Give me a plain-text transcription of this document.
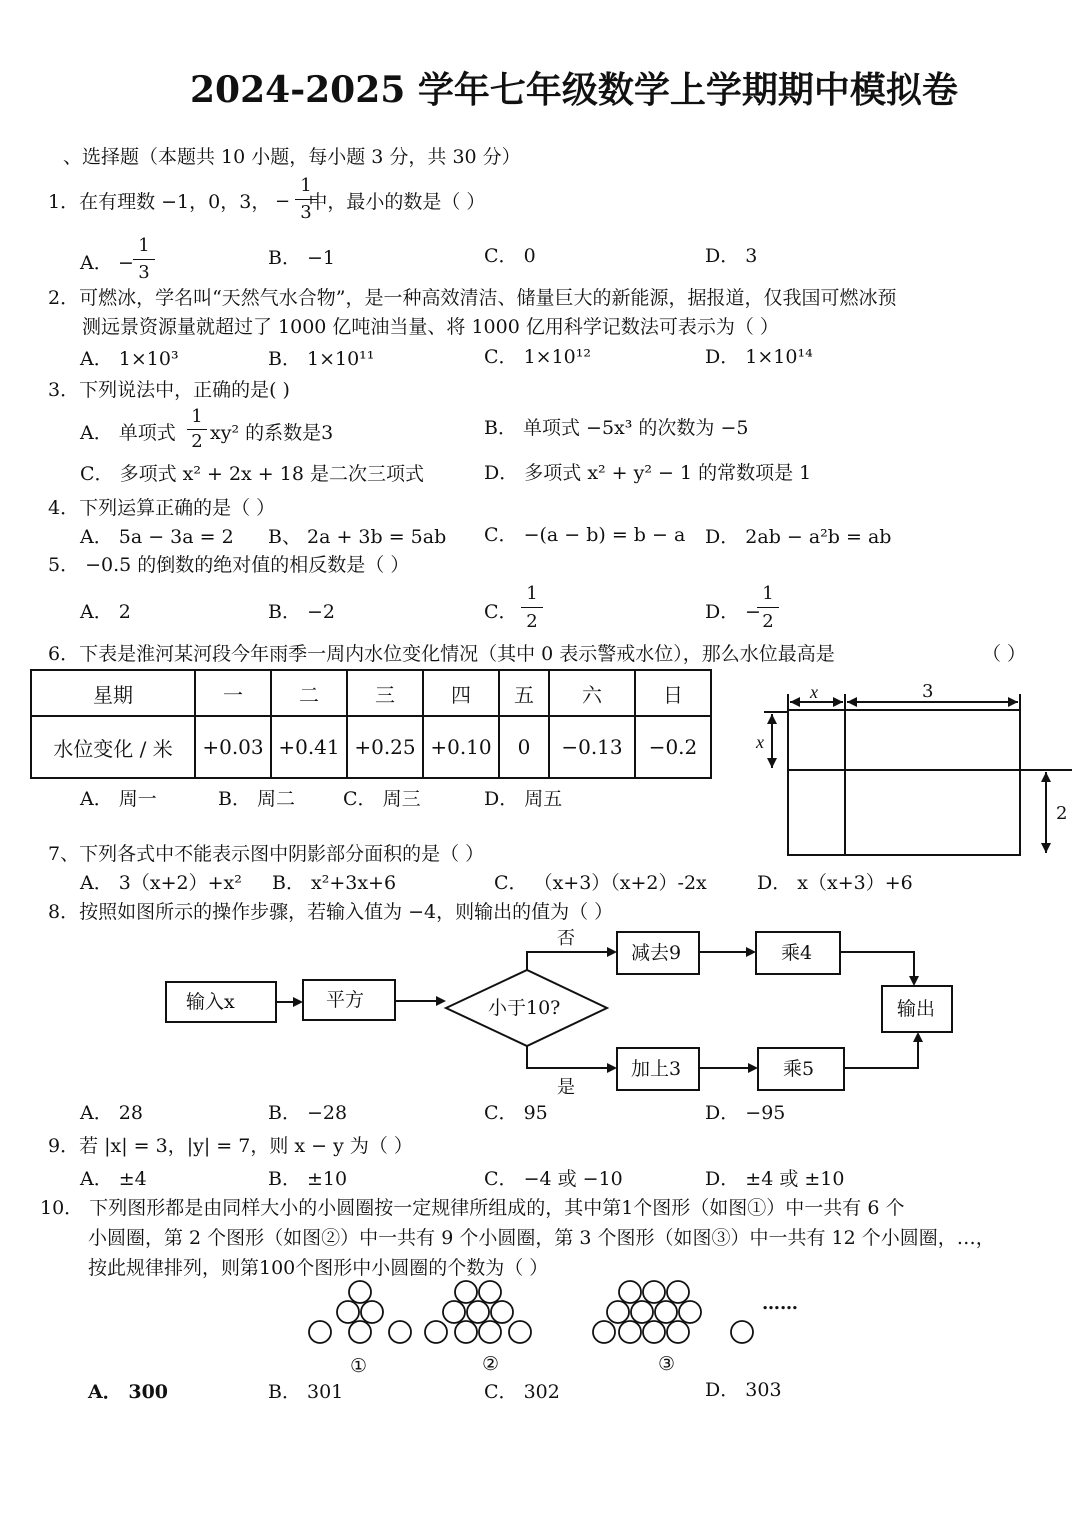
2024-2025 学年七年级数学上学期期中模拟卷
、选择题（本题共 10 小题，每小题 3 分，共 30 分）
1．在有理数 −1，0，3， 中，最小的数是（ ）
−
1
3
A． −
1
3
B． −1	C． 0	D． 3
2．可燃冰，学名叫“天然气水合物”，是一种高效清洁、储量巨大的新能源，据报道，仅我国可燃冰预
测远景资源量就超过了 1000 亿吨油当量、将 1000 亿用科学记数法可表示为（ ）
A． 1×10³	B． 1×10¹¹	C． 1×10¹²	D． 1×10¹⁴
3．下列说法中，正确的是( )
A． 单项式
1
2 xy² 的系数是3	B． 单项式 −5x³ 的次数为 −5
C． 多项式 x² + 2x + 18 是二次三项式	D． 多项式 x² + y² − 1 的常数项是 1
4．下列运算正确的是（ ）
A． 5a − 3a = 2 B、 2a + 3b = 5ab C． −(a − b) = b − a D． 2ab − a²b = ab
5． −0.5 的倒数的绝对值的相反数是（ ）
A． 2	B． −2	C．
1
2	D． −
1
2
6．下表是淮河某河段今年雨季一周内水位变化情况（其中 0 表示警戒水位），那么水位最高是	（ ）
星期	一	二	三	四	五	六	日
水位变化 / 米	+0.03	+0.41	+0.25	+0.10	0	−0.13	−0.2
A． 周一	B． 周二	C． 周三	D． 周五
x	3
x
2
7、下列各式中不能表示图中阴影部分面积的是（ ）
A． 3（x+2）+x² B． x²+3x+6	C． （x+3）（x+2）-2x	D． x（x+3）+6
8．按照如图所示的操作步骤，若输入值为 −4，则输出的值为（ ）
输入x	平方	小于10?
否
是
减去9	乘4
加上3	乘5
输出
A． 28	B． −28	C． 95	D． −95
9．若 |x| = 3，|y| = 7，则 x − y 为（ ）
A． ±4	B． ±10	C． −4 或 −10	D． ±4 或 ±10
10． 下列图形都是由同样大小的小圆圈按一定规律所组成的，其中第1个图形（如图①）中一共有 6 个
小圆圈，第 2 个图形（如图②）中一共有 9 个小圆圈，第 3 个图形（如图③）中一共有 12 个小圆圈，…，
按此规律排列，则第100个图形中小圆圈的个数为（ ）
……
①	②	③
A． 300	B． 301	C． 302	D． 303
